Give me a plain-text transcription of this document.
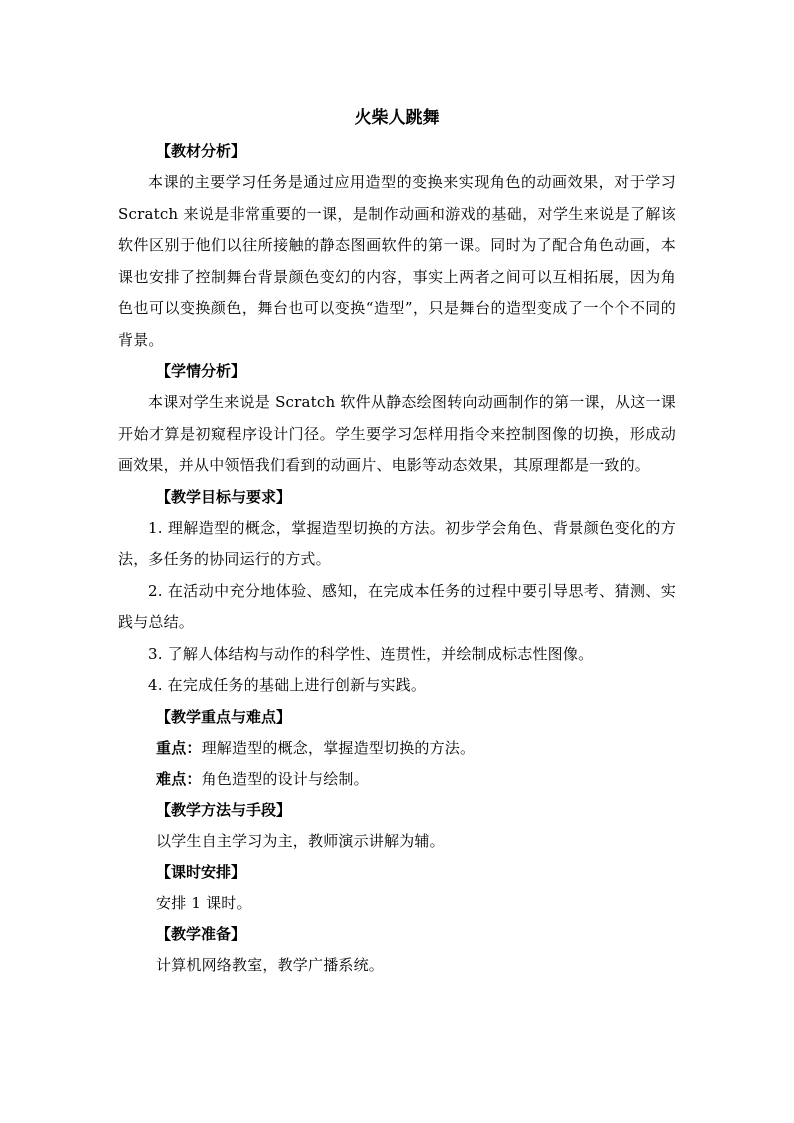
火柴人跳舞

【教材分析】

本课的主要学习任务是通过应用造型的变换来实现角色的动画效果，对于学习 Scratch 来说是非常重要的一课，是制作动画和游戏的基础，对学生来说是了解该软件区别于他们以往所接触的静态图画软件的第一课。同时为了配合角色动画，本课也安排了控制舞台背景颜色变幻的内容，事实上两者之间可以互相拓展，因为角色也可以变换颜色，舞台也可以变换“造型”，只是舞台的造型变成了一个个不同的背景。

【学情分析】

本课对学生来说是 Scratch 软件从静态绘图转向动画制作的第一课，从这一课开始才算是初窥程序设计门径。学生要学习怎样用指令来控制图像的切换，形成动画效果，并从中领悟我们看到的动画片、电影等动态效果，其原理都是一致的。

【教学目标与要求】

1. 理解造型的概念，掌握造型切换的方法。初步学会角色、背景颜色变化的方法，多任务的协同运行的方式。

2. 在活动中充分地体验、感知，在完成本任务的过程中要引导思考、猜测、实践与总结。

3. 了解人体结构与动作的科学性、连贯性，并绘制成标志性图像。

4. 在完成任务的基础上进行创新与实践。

【教学重点与难点】

重点：理解造型的概念，掌握造型切换的方法。

难点：角色造型的设计与绘制。

【教学方法与手段】

以学生自主学习为主，教师演示讲解为辅。

【课时安排】

安排 1 课时。

【教学准备】

计算机网络教室，教学广播系统。
